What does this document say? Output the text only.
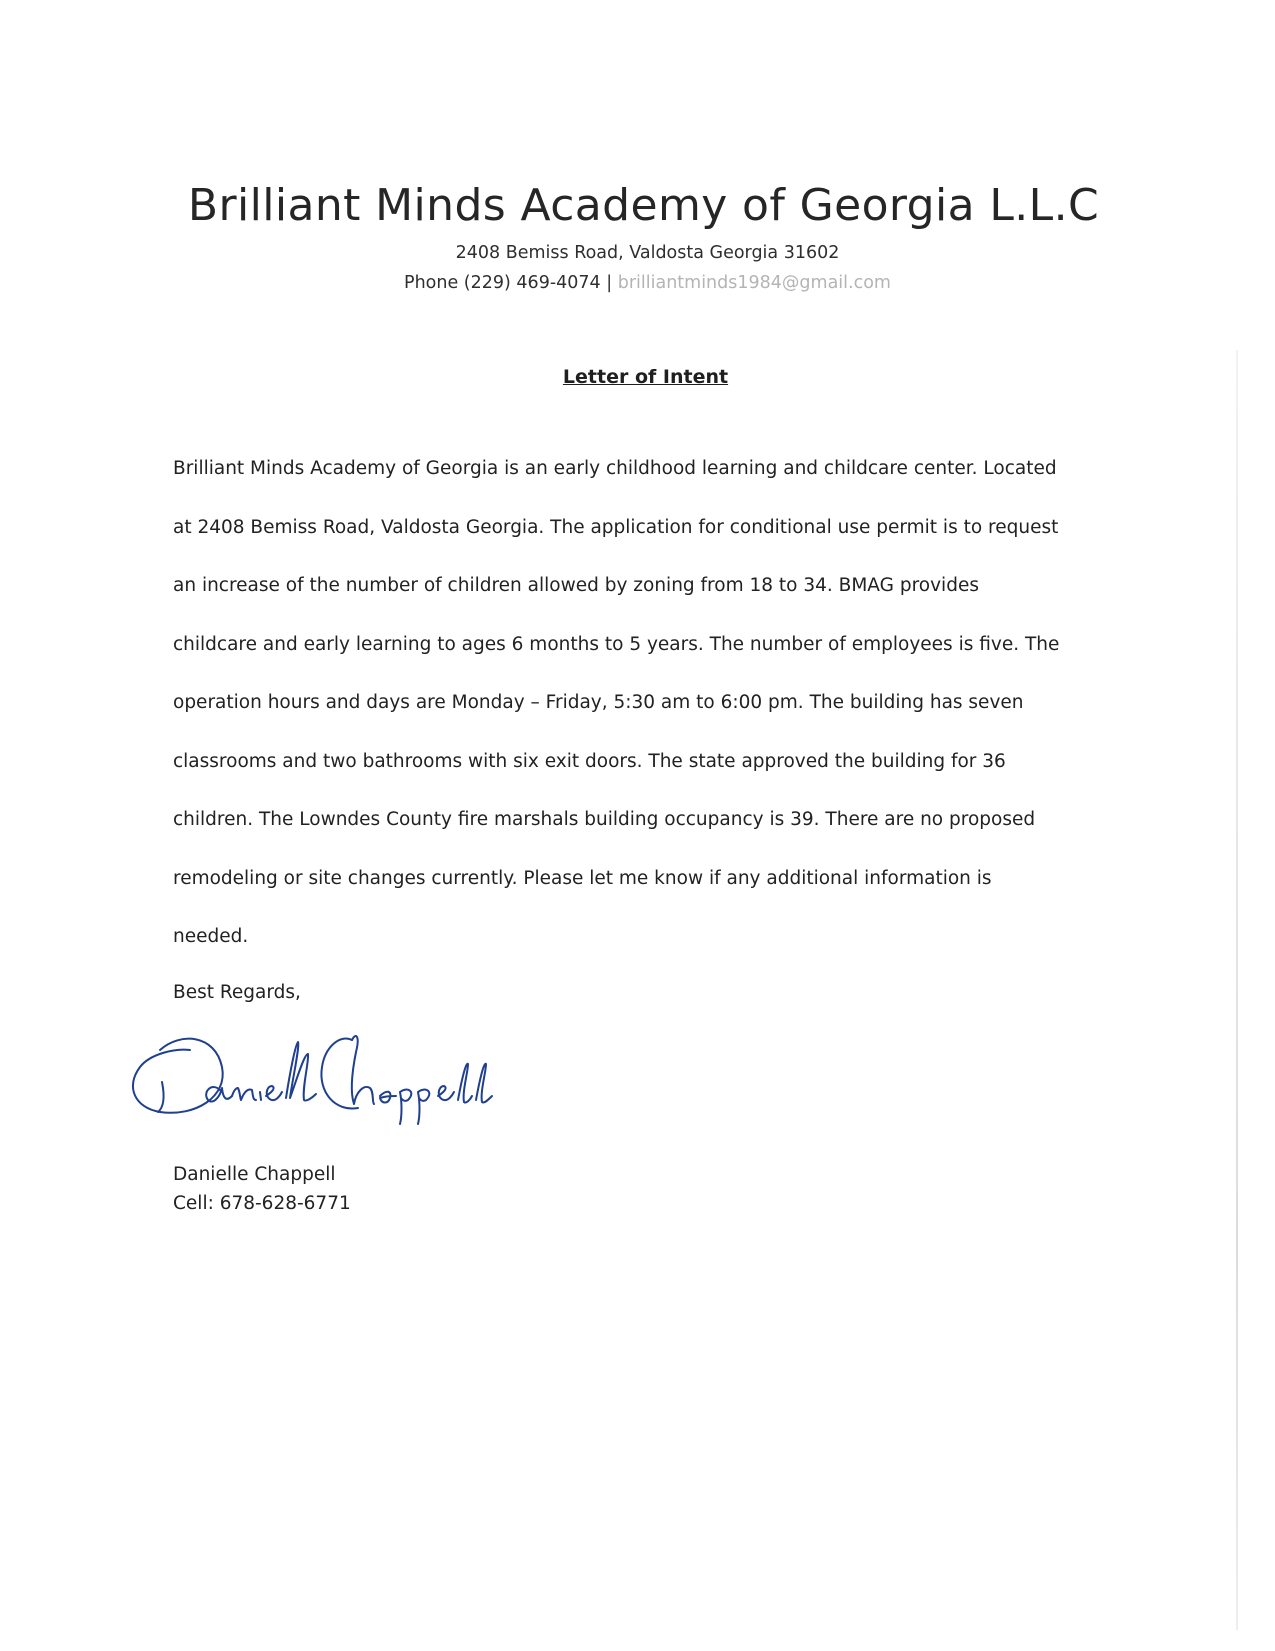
Brilliant Minds Academy of Georgia L.L.C
2408 Bemiss Road, Valdosta Georgia 31602
Phone (229) 469-4074 | brilliantminds1984@gmail.com
Letter of Intent
Brilliant Minds Academy of Georgia is an early childhood learning and childcare center. Located
at 2408 Bemiss Road, Valdosta Georgia. The application for conditional use permit is to request
an increase of the number of children allowed by zoning from 18 to 34. BMAG provides
childcare and early learning to ages 6 months to 5 years. The number of employees is five. The
operation hours and days are Monday – Friday, 5:30 am to 6:00 pm. The building has seven
classrooms and two bathrooms with six exit doors. The state approved the building for 36
children. The Lowndes County fire marshals building occupancy is 39. There are no proposed
remodeling or site changes currently. Please let me know if any additional information is
needed.
Best Regards,
Danielle Chappell
Cell: 678-628-6771
